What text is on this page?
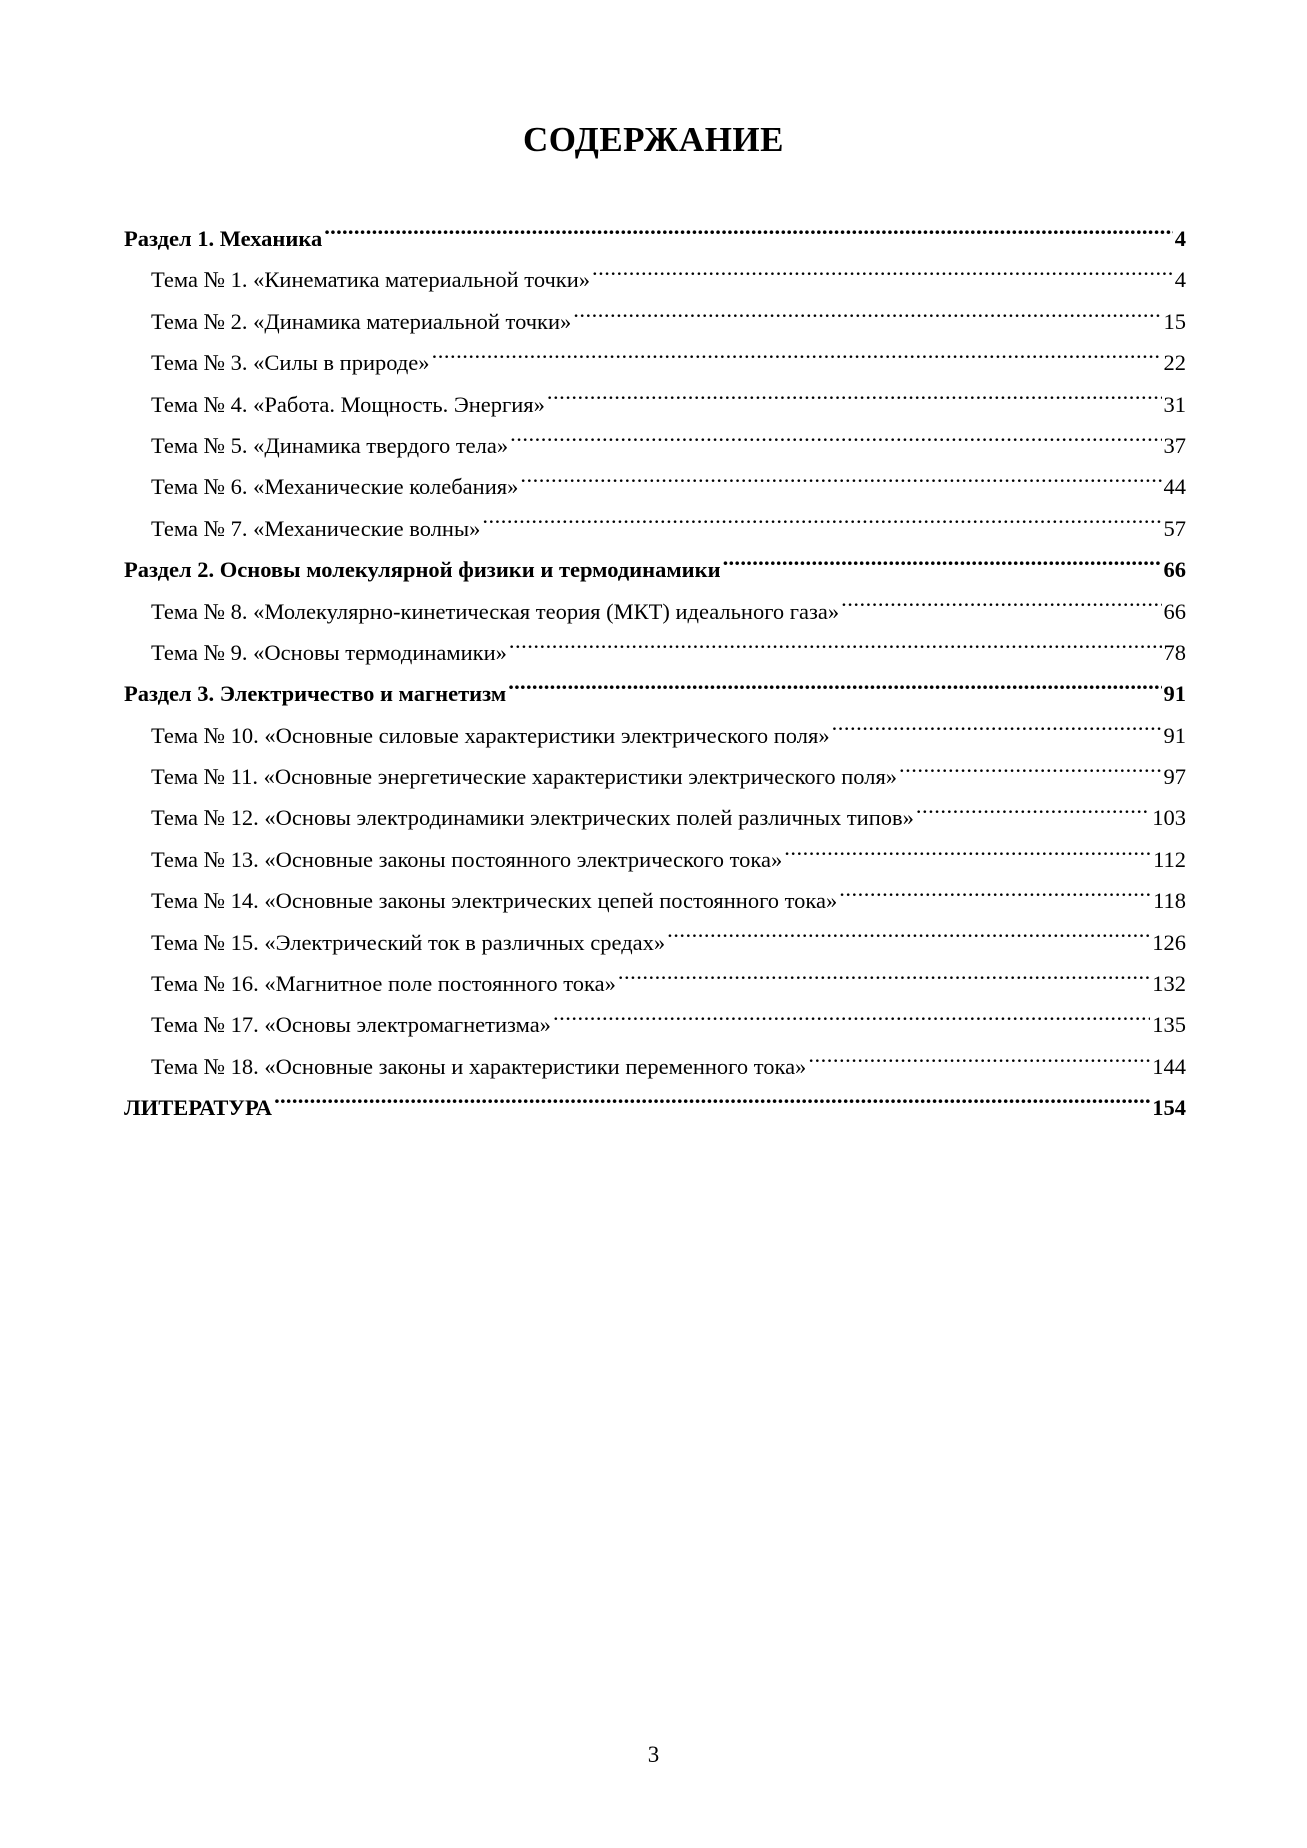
СОДЕРЖАНИЕ
Раздел 1. Механика .....	4
Тема № 1. «Кинематика материальной точки» .....	4
Тема № 2. «Динамика материальной точки» .....	15
Тема № 3. «Силы в природе» .....	22
Тема № 4. «Работа. Мощность. Энергия» .....	31
Тема № 5. «Динамика твердого тела» .....	37
Тема № 6. «Механические колебания» .....	44
Тема № 7. «Механические волны» .....	57
Раздел 2. Основы молекулярной физики и термодинамики .....	66
Тема № 8. «Молекулярно-кинетическая теория (МКТ) идеального газа» .....	66
Тема № 9. «Основы термодинамики» .....	78
Раздел 3. Электричество и магнетизм .....	91
Тема № 10. «Основные силовые характеристики электрического поля» .....	91
Тема № 11. «Основные энергетические характеристики электрического поля» .....	97
Тема № 12. «Основы электродинамики электрических полей различных типов» .....	103
Тема № 13. «Основные законы постоянного электрического тока» .....	112
Тема № 14. «Основные законы электрических цепей постоянного тока» .....	118
Тема № 15. «Электрический ток в различных средах» .....	126
Тема № 16. «Магнитное поле постоянного тока» .....	132
Тема № 17. «Основы электромагнетизма» .....	135
Тема № 18. «Основные законы и характеристики переменного тока» .....	144
ЛИТЕРАТУРА .....	154
3
